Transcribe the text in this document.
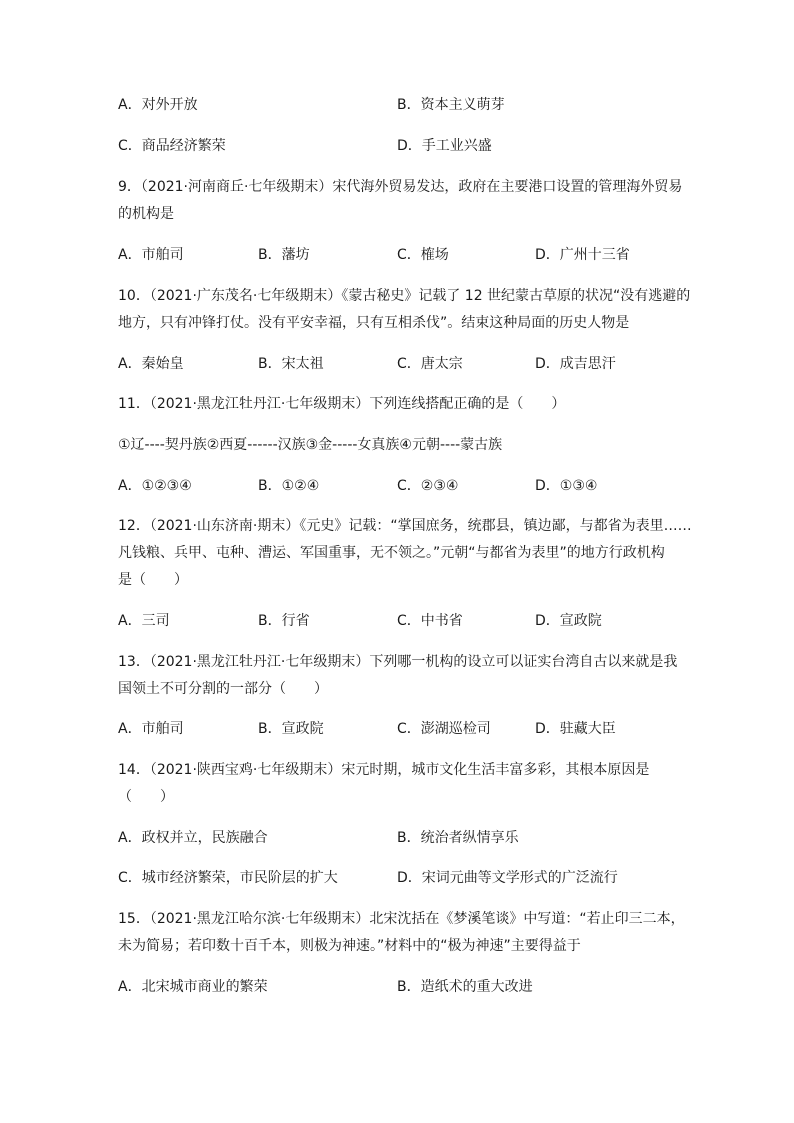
A．对外开放	B．资本主义萌芽
C．商品经济繁荣	D．手工业兴盛
9．（2021·河南商丘·七年级期末）宋代海外贸易发达，政府在主要港口设置的管理海外贸易
的机构是
A．市舶司	B．藩坊	C．榷场	D．广州十三省
10．（2021·广东茂名·七年级期末）《蒙古秘史》记载了 12 世纪蒙古草原的状况“没有逃避的
地方，只有冲锋打仗。没有平安幸福，只有互相杀伐”。结束这种局面的历史人物是
A．秦始皇	B．宋太祖	C．唐太宗	D．成吉思汗
11．（2021·黑龙江牡丹江·七年级期末）下列连线搭配正确的是（　　）
①辽----契丹族②西夏------汉族③金-----女真族④元朝----蒙古族
A．①②③④	B．①②④	C．②③④	D．①③④
12．（2021·山东济南·期末）《元史》记载：“掌国庶务，统郡县，镇边鄙，与都省为表里……
凡钱粮、兵甲、屯种、漕运、军国重事，无不领之。”元朝“与都省为表里”的地方行政机构
是（　　）
A．三司	B．行省	C．中书省	D．宣政院
13．（2021·黑龙江牡丹江·七年级期末）下列哪一机构的设立可以证实台湾自古以来就是我
国领土不可分割的一部分（　　）
A．市舶司	B．宣政院	C．澎湖巡检司	D．驻藏大臣
14．（2021·陕西宝鸡·七年级期末）宋元时期，城市文化生活丰富多彩，其根本原因是
（　　）
A．政权并立，民族融合	B．统治者纵情享乐
C．城市经济繁荣，市民阶层的扩大	D．宋词元曲等文学形式的广泛流行
15．（2021·黑龙江哈尔滨·七年级期末）北宋沈括在《梦溪笔谈》中写道：“若止印三二本，
未为简易；若印数十百千本，则极为神速。”材料中的“极为神速”主要得益于
A．北宋城市商业的繁荣	B．造纸术的重大改进
